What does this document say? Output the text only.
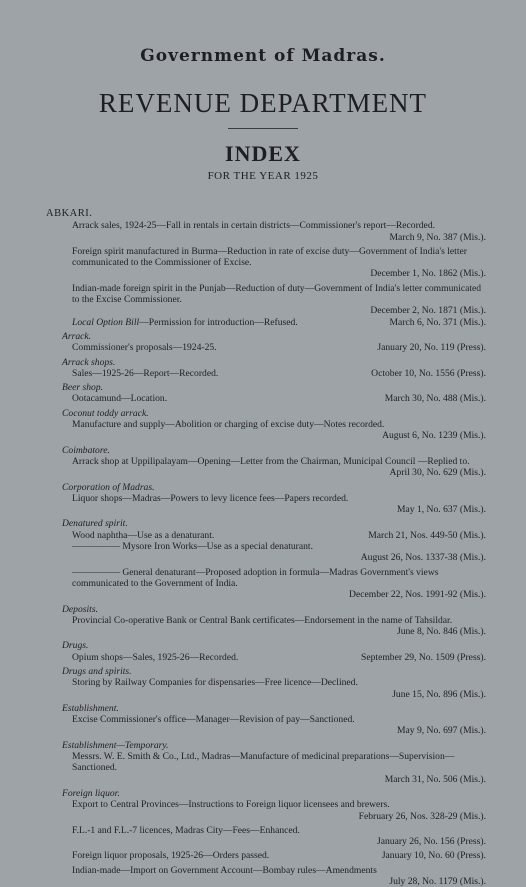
Government of Madras.
REVENUE DEPARTMENT
INDEX
FOR THE YEAR 1925
ABKARI.
Arrack sales, 1924-25—Fall in rentals in certain districts—Commissioner's report—Recorded.
March 9, No. 387 (Mis.).
Foreign spirit manufactured in Burma—Reduction in rate of excise duty—Government of India's letter communicated to the Commissioner of Excise.
December 1, No. 1862 (Mis.).
Indian-made foreign spirit in the Punjab—Reduction of duty—Government of India's letter communicated to the Excise Commissioner.
December 2, No. 1871 (Mis.).
Local Option Bill—Permission for introduction—Refused.	March 6, No. 371 (Mis.).
Arrack.
Commissioner's proposals—1924-25.	January 20, No. 119 (Press).
Arrack shops.
Sales—1925-26—Report—Recorded.	October 10, No. 1556 (Press).
Beer shop.
Ootacamund—Location.	March 30, No. 488 (Mis.).
Coconut toddy arrack.
Manufacture and supply—Abolition or charging of excise duty—Notes recorded.
August 6, No. 1239 (Mis.).
Coimbatore.
Arrack shop at Uppilipalayam—Opening—Letter from the Chairman, Municipal Council —Replied to.
April 30, No. 629 (Mis.).
Corporation of Madras.
Liquor shops—Madras—Powers to levy licence fees—Papers recorded.
May 1, No. 637 (Mis.).
Denatured spirit.
Wood naphtha—Use as a denaturant.	March 21, Nos. 449-50 (Mis.).
————— Mysore Iron Works—Use as a special denaturant.
August 26, Nos. 1337-38 (Mis.).
————— General denaturant—Proposed adoption in formula—Madras Government's views communicated to the Government of India.
December 22, Nos. 1991-92 (Mis.).
Deposits.
Provincial Co-operative Bank or Central Bank certificates—Endorsement in the name of Tahsildar.
June 8, No. 846 (Mis.).
Drugs.
Opium shops—Sales, 1925-26—Recorded.	September 29, No. 1509 (Press).
Drugs and spirits.
Storing by Railway Companies for dispensaries—Free licence—Declined.
June 15, No. 896 (Mis.).
Establishment.
Excise Commissioner's office—Manager—Revision of pay—Sanctioned.
May 9, No. 697 (Mis.).
Establishment—Temporary.
Messrs. W. E. Smith & Co., Ltd., Madras—Manufacture of medicinal preparations—Supervision—Sanctioned.
March 31, No. 506 (Mis.).
Foreign liquor.
Export to Central Provinces—Instructions to Foreign liquor licensees and brewers.
February 26, Nos. 328-29 (Mis.).
F.L.-1 and F.L.-7 licences, Madras City—Fees—Enhanced.
January 26, No. 156 (Press).
Foreign liquor proposals, 1925-26—Orders passed.	January 10, No. 60 (Press).
Indian-made—Import on Government Account—Bombay rules—Amendments
July 28, No. 1179 (Mis.).
